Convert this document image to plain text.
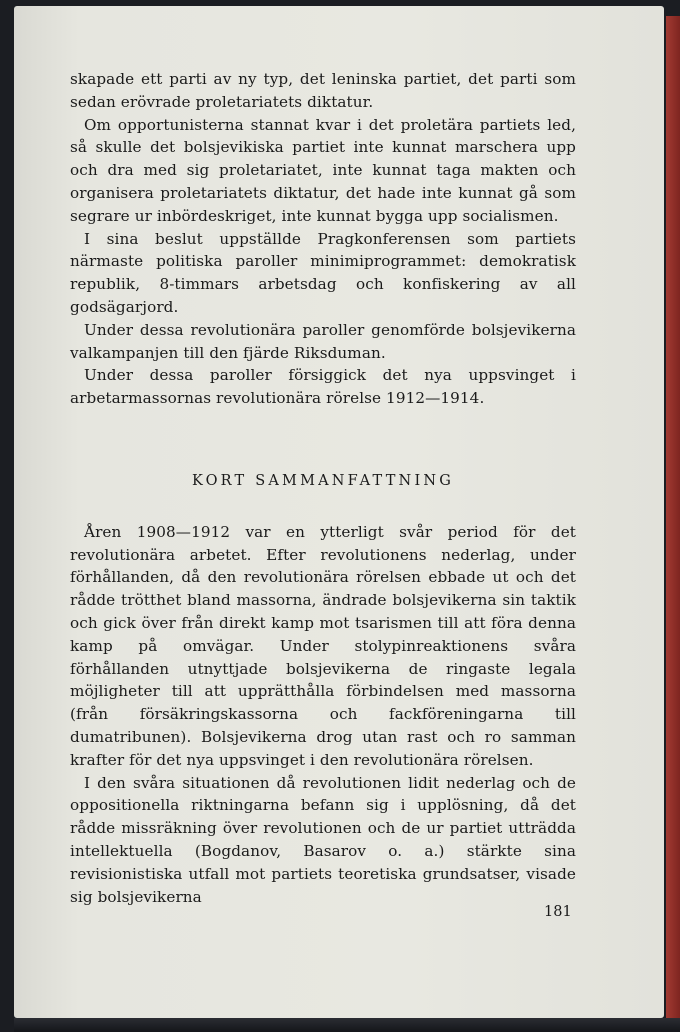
skapade ett parti av ny typ, det leninska partiet, det parti som sedan erövrade proletariatets diktatur.

Om opportunisterna stannat kvar i det proletära partiets led, så skulle det bolsjevikiska partiet inte kunnat marschera upp och dra med sig proletariatet, inte kunnat taga makten och organisera proletariatets diktatur, det hade inte kunnat gå som segrare ur inbördeskriget, inte kunnat bygga upp socialismen.

I sina beslut uppställde Pragkonferensen som partiets närmaste politiska paroller minimiprogrammet: demokratisk republik, 8-timmars arbetsdag och konfiskering av all godsägarjord.

Under dessa revolutionära paroller genomförde bolsjevikerna valkampanjen till den fjärde Riksduman.

Under dessa paroller försiggick det nya uppsvinget i arbetarmassornas revolutionära rörelse 1912—1914.

KORT SAMMANFATTNING

Åren 1908—1912 var en ytterligt svår period för det revolutionära arbetet. Efter revolutionens nederlag, under förhållanden, då den revolutionära rörelsen ebbade ut och det rådde trötthet bland massorna, ändrade bolsjevikerna sin taktik och gick över från direkt kamp mot tsarismen till att föra denna kamp på omvägar. Under stolypinreaktionens svåra förhållanden utnyttjade bolsjevikerna de ringaste legala möjligheter till att upprätthålla förbindelsen med massorna (från försäkringskassorna och fackföreningarna till dumatribunen). Bolsjevikerna drog utan rast och ro samman krafter för det nya uppsvinget i den revolutionära rörelsen.

I den svåra situationen då revolutionen lidit nederlag och de oppositionella riktningarna befann sig i upplösning, då det rådde missräkning över revolutionen och de ur partiet utträdda intellektuella (Bogdanov, Basarov o. a.) stärkte sina revisionistiska utfall mot partiets teoretiska grundsatser, visade sig bolsjevikerna

181
